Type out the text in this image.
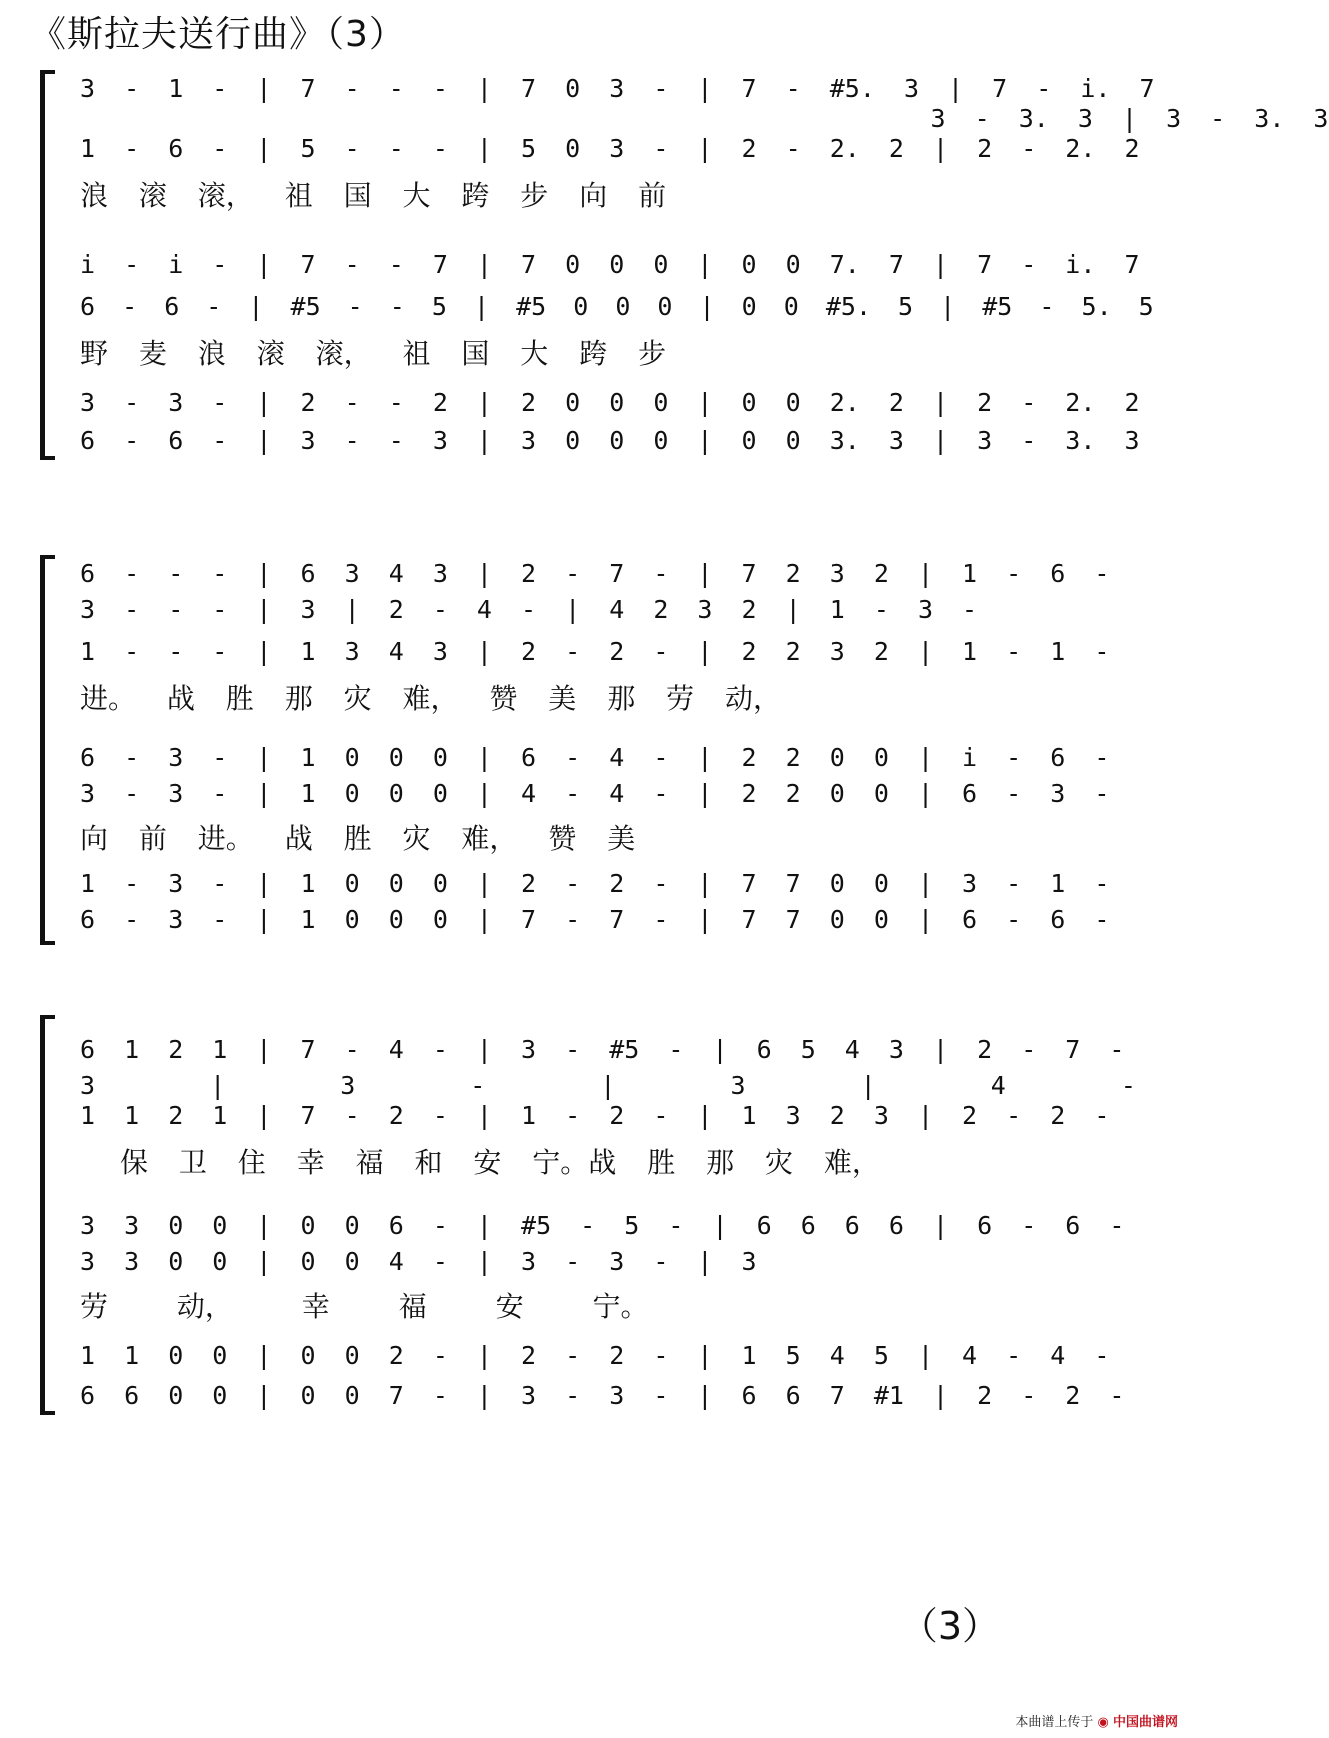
《斯拉夫送行曲》（3）
3 - 1 - | 7 - - - | 7 0 3 - | 7 - #5. 3 | 7 - i. 7
3 - 3. 3 | 3 - 3. 3
1 - 6 - | 5 - - - | 5 0 3 - | 2 - 2. 2 | 2 - 2. 2
浪 滚 滚， 祖 国 大 跨 步 向 前
i - i - | 7 - - 7 | 7 0 0 0 | 0 0 7. 7 | 7 - i. 7
6 - 6 - | #5 - - 5 | #5 0 0 0 | 0 0 #5. 5 | #5 - 5. 5
野 麦 浪 滚 滚， 祖 国 大 跨 步
3 - 3 - | 2 - - 2 | 2 0 0 0 | 0 0 2. 2 | 2 - 2. 2
6 - 6 - | 3 - - 3 | 3 0 0 0 | 0 0 3. 3 | 3 - 3. 3
6 - - - | 6 3 4 3 | 2 - 7 - | 7 2 3 2 | 1 - 6 -
3 - - - | 3 | 2 - 4 - | 4 2 3 2 | 1 - 3 -
1 - - - | 1 3 4 3 | 2 - 2 - | 2 2 3 2 | 1 - 1 -
进。 战 胜 那 灾 难， 赞 美 那 劳 动，
6 - 3 - | 1 0 0 0 | 6 - 4 - | 2 2 0 0 | i - 6 -
3 - 3 - | 1 0 0 0 | 4 - 4 - | 2 2 0 0 | 6 - 3 -
向 前 进。 战 胜 灾 难， 赞 美
1 - 3 - | 1 0 0 0 | 2 - 2 - | 7 7 0 0 | 3 - 1 -
6 - 3 - | 1 0 0 0 | 7 - 7 - | 7 7 0 0 | 6 - 6 -
6 1 2 1 | 7 - 4 - | 3 - #5 - | 6 5 4 3 | 2 - 7 -
3 | 3 - | 3 | 4 -
1 1 2 1 | 7 - 2 - | 1 - 2 - | 1 3 2 3 | 2 - 2 -
保 卫 住 幸 福 和 安 宁。战 胜 那 灾 难，
3 3 0 0 | 0 0 6 - | #5 - 5 - | 6 6 6 6 | 6 - 6 -
3 3 0 0 | 0 0 4 - | 3 - 3 - | 3
劳 动， 幸 福 安 宁。
1 1 0 0 | 0 0 2 - | 2 - 2 - | 1 5 4 5 | 4 - 4 -
6 6 0 0 | 0 0 7 - | 3 - 3 - | 6 6 7 #1 | 2 - 2 -
（3）
本曲谱上传于 ◉ 中国曲谱网
